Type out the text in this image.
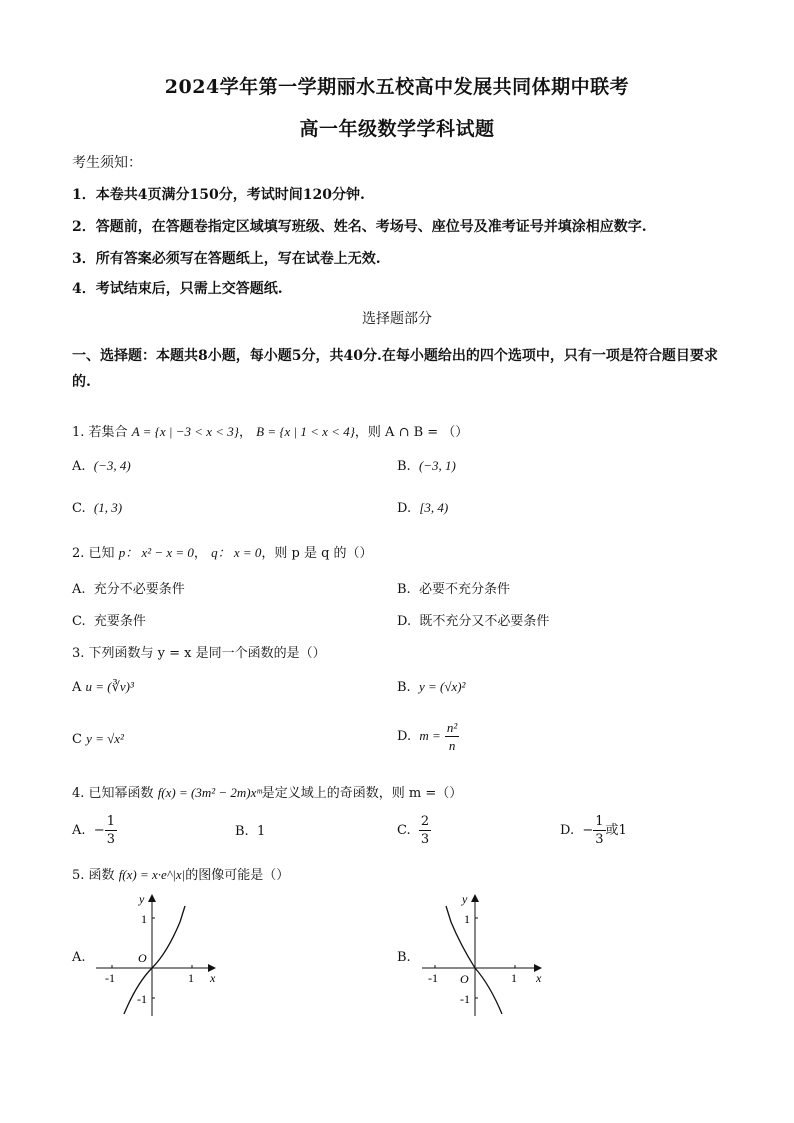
2024学年第一学期丽水五校高中发展共同体期中联考
高一年级数学学科试题
考生须知：
1．本卷共4页满分150分，考试时间120分钟.
2．答题前，在答题卷指定区域填写班级、姓名、考场号、座位号及准考证号并填涂相应数字.
3．所有答案必须写在答题纸上，写在试卷上无效.
4．考试结束后，只需上交答题纸.
选择题部分
一、选择题：本题共8小题，每小题5分，共40分.在每小题给出的四个选项中，只有一项是符合题目要求的.
1. 若集合 A = {x | −3 < x < 3}， B = {x | 1 < x < 4}，则 A ∩ B = （）
A. (−3, 4)	B. (−3, 1)
C. (1, 3)	D. [3, 4)
2. 已知 p： x² − x = 0， q： x = 0，则 p 是 q 的（）
A. 充分不必要条件	B. 必要不充分条件
C. 充要条件	D. 既不充分又不必要条件
3. 下列函数与 y = x 是同一个函数的是（）
A u = (∛v)³	B. y = (√x)²
C y = √x²	D. $m = \frac{\text{n²}}{n}$
4. 已知幂函数 f(x) = (3m² − 2m)xᵐ是定义域上的奇函数，则 m =（）
A. − $\frac{1}{3}$	B. 1	C. $\frac{2}{3}$	D. − $\frac{1}{3}$ 或1
5. 函数 f(x) = x·e^|x|的图像可能是（）
A.
y
x
O
1
1
-1
-1
B.
y
x
O
1
1
-1
-1
